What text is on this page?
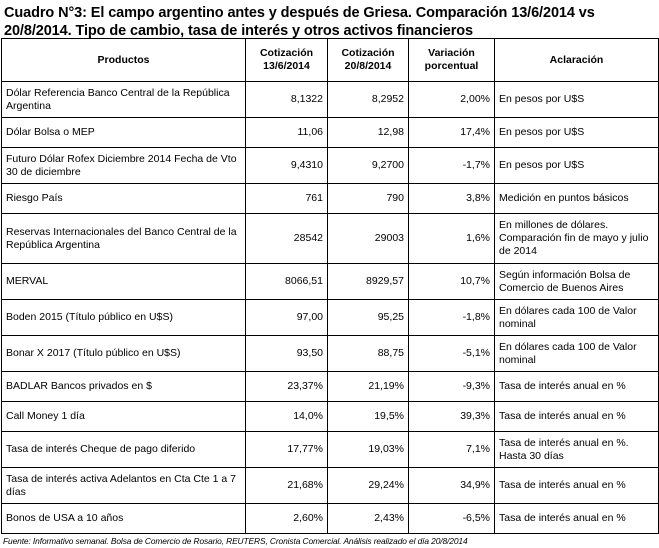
Cuadro N°3: El campo argentino antes y después de Griesa. Comparación 13/6/2014 vs 20/8/2014. Tipo de cambio, tasa de interés y otros activos financieros
Productos	Cotización 13/6/2014	Cotización 20/8/2014	Variación porcentual	Aclaración
Dólar Referencia Banco Central de la República Argentina	8,1322	8,2952	2,00%	En pesos por U$S
Dólar Bolsa o MEP	11,06	12,98	17,4%	En pesos por U$S
Futuro Dólar Rofex Diciembre 2014 Fecha de Vto 30 de diciembre	9,4310	9,2700	-1,7%	En pesos por U$S
Riesgo País	761	790	3,8%	Medición en puntos básicos
Reservas Internacionales del Banco Central de la República Argentina	28542	29003	1,6%	En millones de dólares. Comparación fin de mayo y julio de 2014
MERVAL	8066,51	8929,57	10,7%	Según información Bolsa de Comercio de Buenos Aires
Boden 2015 (Título público en U$S)	97,00	95,25	-1,8%	En dólares cada 100 de Valor nominal
Bonar X 2017 (Título público en U$S)	93,50	88,75	-5,1%	En dólares cada 100 de Valor nominal
BADLAR Bancos privados en $	23,37%	21,19%	-9,3%	Tasa de interés anual en %
Call Money 1 día	14,0%	19,5%	39,3%	Tasa de interés anual en %
Tasa de interés Cheque de pago diferido	17,77%	19,03%	7,1%	Tasa de interés anual en %. Hasta 30 días
Tasa de interés activa Adelantos en Cta Cte 1 a 7 días	21,68%	29,24%	34,9%	Tasa de interés anual en %
Bonos de USA a 10 años	2,60%	2,43%	-6,5%	Tasa de interés anual en %
Fuente: Informativo semanal. Bolsa de Comercio de Rosario, REUTERS, Cronista Comercial. Análisis realizado el día 20/8/2014
